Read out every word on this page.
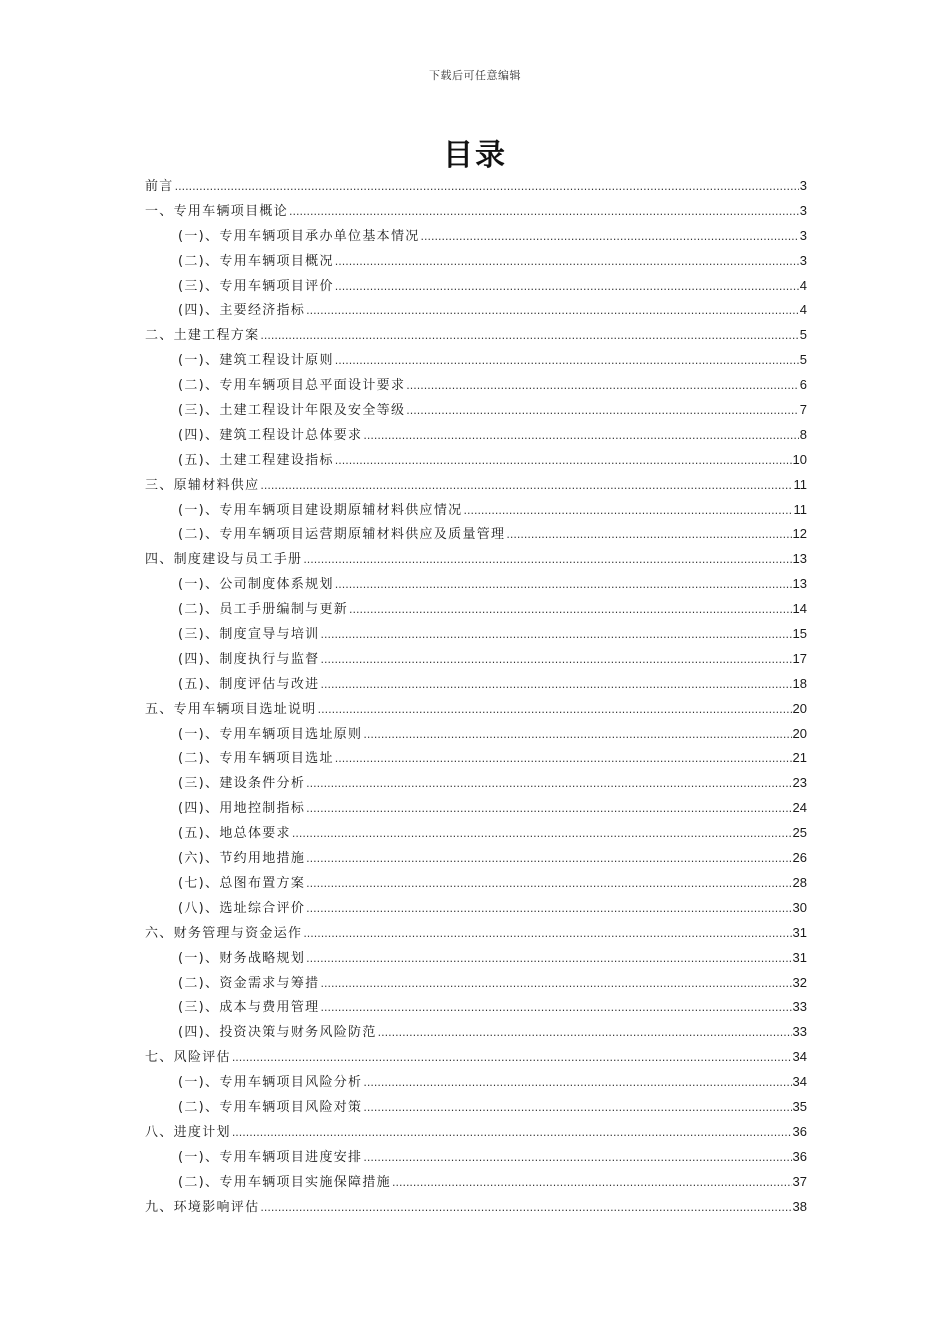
下载后可任意编辑
目录
前言 .....	3
一、专用车辆项目概论 .....	3
(一)、专用车辆项目承办单位基本情况 .....	3
(二)、专用车辆项目概况 .....	3
(三)、专用车辆项目评价 .....	4
(四)、主要经济指标 .....	4
二、土建工程方案 .....	5
(一)、建筑工程设计原则 .....	5
(二)、专用车辆项目总平面设计要求 .....	6
(三)、土建工程设计年限及安全等级 .....	7
(四)、建筑工程设计总体要求 .....	8
(五)、土建工程建设指标 .....	10
三、原辅材料供应 .....	11
(一)、专用车辆项目建设期原辅材料供应情况 .....	11
(二)、专用车辆项目运营期原辅材料供应及质量管理 .....	12
四、制度建设与员工手册 .....	13
(一)、公司制度体系规划 .....	13
(二)、员工手册编制与更新 .....	14
(三)、制度宣导与培训 .....	15
(四)、制度执行与监督 .....	17
(五)、制度评估与改进 .....	18
五、专用车辆项目选址说明 .....	20
(一)、专用车辆项目选址原则 .....	20
(二)、专用车辆项目选址 .....	21
(三)、建设条件分析 .....	23
(四)、用地控制指标 .....	24
(五)、地总体要求 .....	25
(六)、节约用地措施 .....	26
(七)、总图布置方案 .....	28
(八)、选址综合评价 .....	30
六、财务管理与资金运作 .....	31
(一)、财务战略规划 .....	31
(二)、资金需求与筹措 .....	32
(三)、成本与费用管理 .....	33
(四)、投资决策与财务风险防范 .....	33
七、风险评估 .....	34
(一)、专用车辆项目风险分析 .....	34
(二)、专用车辆项目风险对策 .....	35
八、进度计划 .....	36
(一)、专用车辆项目进度安排 .....	36
(二)、专用车辆项目实施保障措施 .....	37
九、环境影响评估 .....	38
